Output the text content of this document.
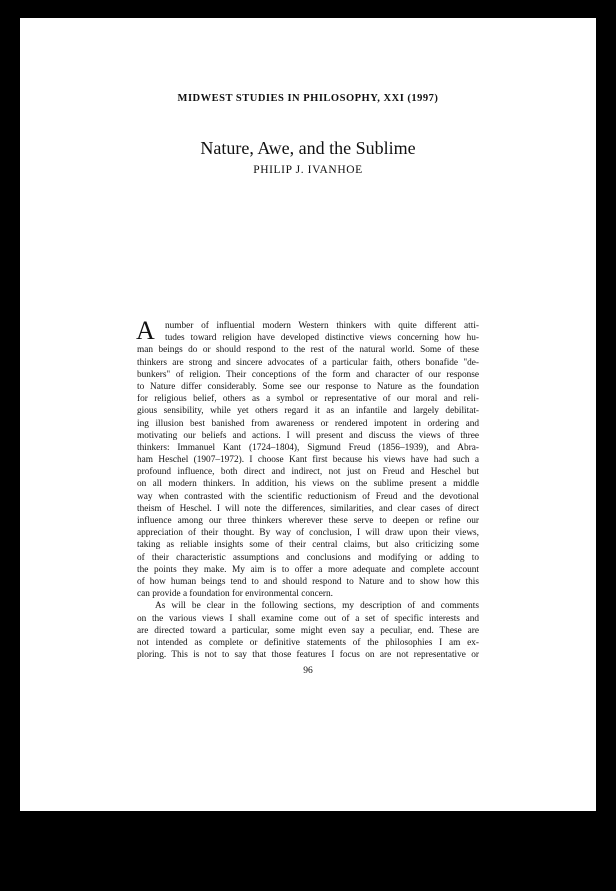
MIDWEST STUDIES IN PHILOSOPHY, XXI (1997)
Nature, Awe, and the Sublime
PHILIP J. IVANHOE
A	number of influential modern Western thinkers with quite different atti-
tudes toward religion have developed distinctive views concerning how hu-
man beings do or should respond to the rest of the natural world. Some of these
thinkers are strong and sincere advocates of a particular faith, others bonafide "de-
bunkers" of religion. Their conceptions of the form and character of our response
to Nature differ considerably. Some see our response to Nature as the foundation
for religious belief, others as a symbol or representative of our moral and reli-
gious sensibility, while yet others regard it as an infantile and largely debilitat-
ing illusion best banished from awareness or rendered impotent in ordering and
motivating our beliefs and actions. I will present and discuss the views of three
thinkers: Immanuel Kant (1724–1804), Sigmund Freud (1856–1939), and Abra-
ham Heschel (1907–1972). I choose Kant first because his views have had such a
profound influence, both direct and indirect, not just on Freud and Heschel but
on all modern thinkers. In addition, his views on the sublime present a middle
way when contrasted with the scientific reductionism of Freud and the devotional
theism of Heschel. I will note the differences, similarities, and clear cases of direct
influence among our three thinkers wherever these serve to deepen or refine our
appreciation of their thought. By way of conclusion, I will draw upon their views,
taking as reliable insights some of their central claims, but also criticizing some
of their characteristic assumptions and conclusions and modifying or adding to
the points they make. My aim is to offer a more adequate and complete account
of how human beings tend to and should respond to Nature and to show how this
can provide a foundation for environmental concern.
As will be clear in the following sections, my description of and comments
on the various views I shall examine come out of a set of specific interests and
are directed toward a particular, some might even say a peculiar, end. These are
not intended as complete or definitive statements of the philosophies I am ex-
ploring. This is not to say that those features I focus on are not representative or
96
